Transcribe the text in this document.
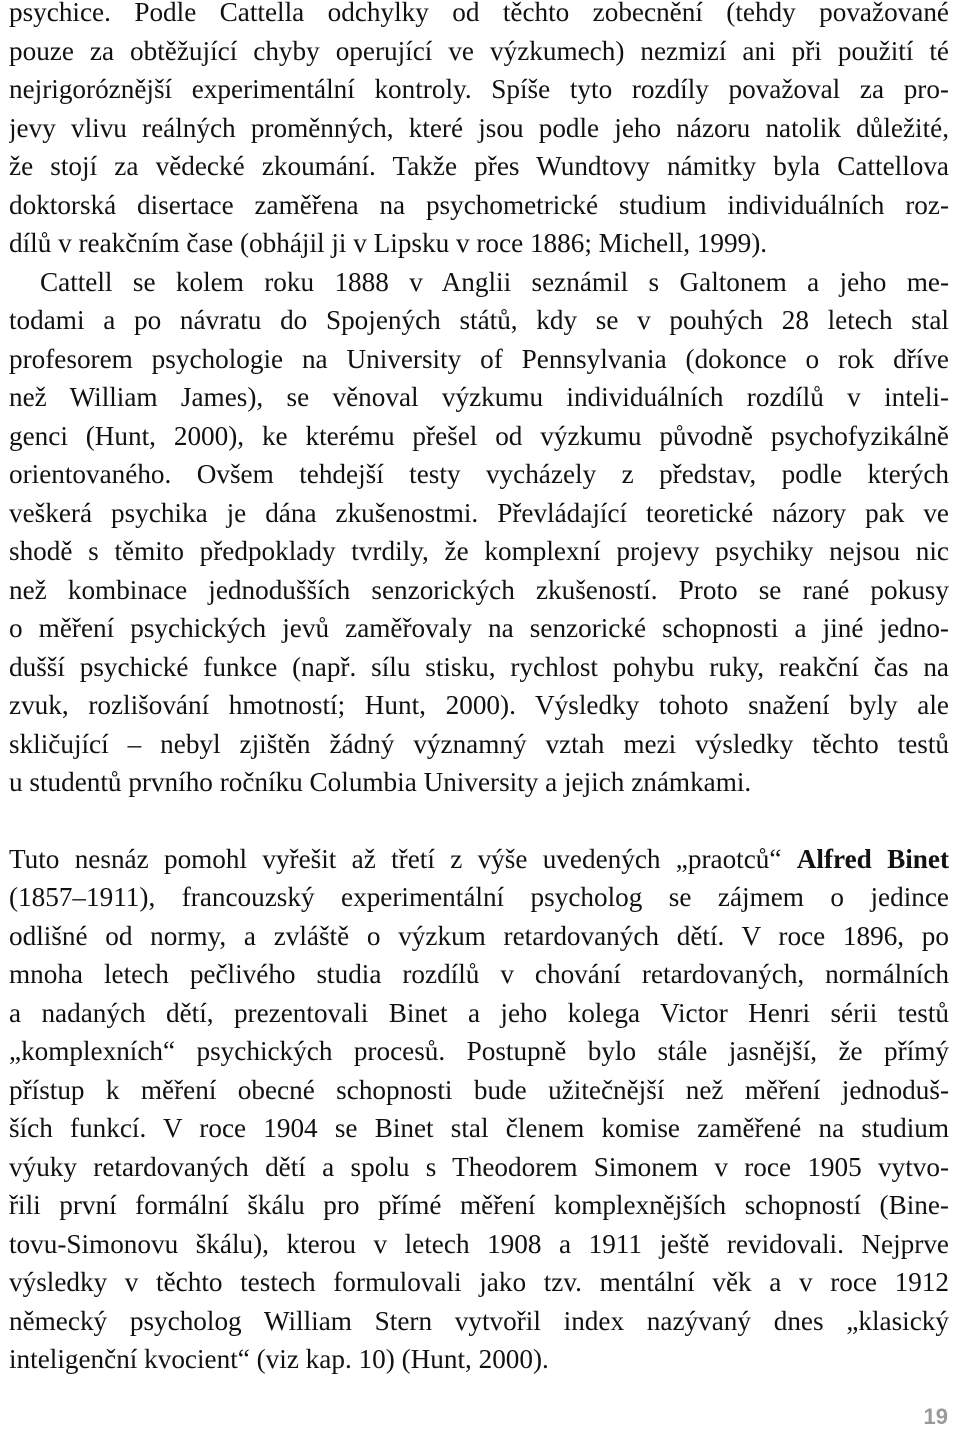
psychice. Podle Cattella odchylky od těchto zobecnění (tehdy považované
pouze za obtěžující chyby operující ve výzkumech) nezmizí ani při použití té
nejrigoróznější experimentální kontroly. Spíše tyto rozdíly považoval za pro-
jevy vlivu reálných proměnných, které jsou podle jeho názoru natolik důležité,
že stojí za vědecké zkoumání. Takže přes Wundtovy námitky byla Cattellova
doktorská disertace zaměřena na psychometrické studium individuálních roz-
dílů v reakčním čase (obhájil ji v Lipsku v roce 1886; Michell, 1999).

Cattell se kolem roku 1888 v Anglii seznámil s Galtonem a jeho me-
todami a po návratu do Spojených států, kdy se v pouhých 28 letech stal
profesorem psychologie na University of Pennsylvania (dokonce o rok dříve
než William James), se věnoval výzkumu individuálních rozdílů v inteli-
genci (Hunt, 2000), ke kterému přešel od výzkumu původně psychofyzikálně
orientovaného. Ovšem tehdejší testy vycházely z představ, podle kterých
veškerá psychika je dána zkušenostmi. Převládající teoretické názory pak ve
shodě s těmito předpoklady tvrdily, že komplexní projevy psychiky nejsou nic
než kombinace jednodušších senzorických zkušeností. Proto se rané pokusy
o měření psychických jevů zaměřovaly na senzorické schopnosti a jiné jedno-
dušší psychické funkce (např. sílu stisku, rychlost pohybu ruky, reakční čas na
zvuk, rozlišování hmotností; Hunt, 2000). Výsledky tohoto snažení byly ale
skličující – nebyl zjištěn žádný významný vztah mezi výsledky těchto testů
u studentů prvního ročníku Columbia University a jejich známkami.

Tuto nesnáz pomohl vyřešit až třetí z výše uvedených „praotců“ Alfred Binet
(1857–1911), francouzský experimentální psycholog se zájmem o jedince
odlišné od normy, a zvláště o výzkum retardovaných dětí. V roce 1896, po
mnoha letech pečlivého studia rozdílů v chování retardovaných, normálních
a nadaných dětí, prezentovali Binet a jeho kolega Victor Henri sérii testů
„komplexních“ psychických procesů. Postupně bylo stále jasnější, že přímý
přístup k měření obecné schopnosti bude užitečnější než měření jednoduš-
ších funkcí. V roce 1904 se Binet stal členem komise zaměřené na studium
výuky retardovaných dětí a spolu s Theodorem Simonem v roce 1905 vytvo-
řili první formální škálu pro přímé měření komplexnějších schopností (Bine-
tovu-Simonovu škálu), kterou v letech 1908 a 1911 ještě revidovali. Nejprve
výsledky v těchto testech formulovali jako tzv. mentální věk a v roce 1912
německý psycholog William Stern vytvořil index nazývaný dnes „klasický
inteligenční kvocient“ (viz kap. 10) (Hunt, 2000).

19
